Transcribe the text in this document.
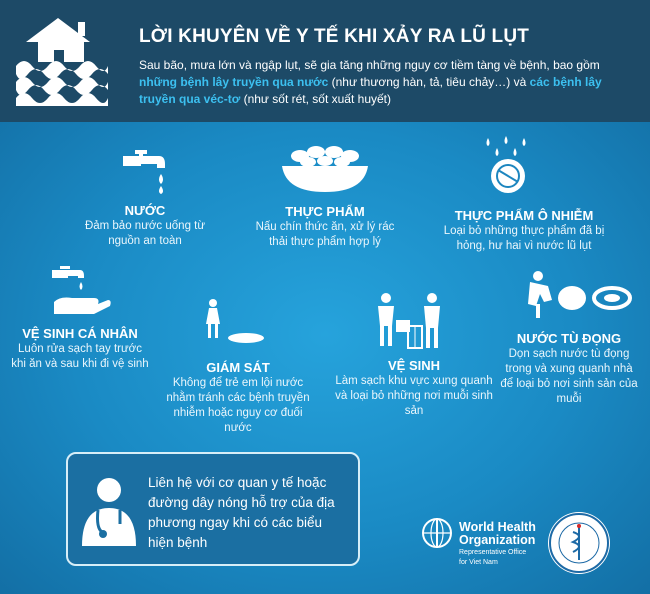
LỜI KHUYÊN VỀ Y TẾ KHI XẢY RA LŨ LỤT
Sau bão, mưa lớn và ngập lụt, sẽ gia tăng những nguy cơ tiềm tàng về bệnh, bao gồm những bệnh lây truyền qua nước (như thương hàn, tả, tiêu chảy…) và các bệnh lây truyền qua véc-tơ (như sốt rét, sốt xuất huyết)
NƯỚC
Đảm bảo nước uống từ nguồn an toàn
THỰC PHẨM
Nấu chín thức ăn, xử lý rác thải thực phẩm hợp lý
THỰC PHẨM Ô NHIỄM
Loại bỏ những thực phẩm đã bị hỏng, hư hai vì nước lũ lụt
VỆ SINH CÁ NHÂN
Luôn rửa sạch tay trước khi ăn và sau khi đi vệ sinh	GIÁM SÁT
Không để trẻ em lội nước nhằm tránh các bệnh truyền nhiễm hoặc nguy cơ đuối nước
VỆ SINH
Làm sạch khu vực xung quanh và loại bỏ những nơi muỗi sinh sản
NƯỚC TÙ ĐỌNG
Dọn sạch nước tù đọng trong và xung quanh nhà để loại bỏ nơi sinh sản của muỗi
Liên hệ với cơ quan y tế hoặc đường dây nóng hỗ trợ của địa phương ngay khi có các biểu hiện bệnh
World Health
Organization
Representative Office
for Viet Nam
